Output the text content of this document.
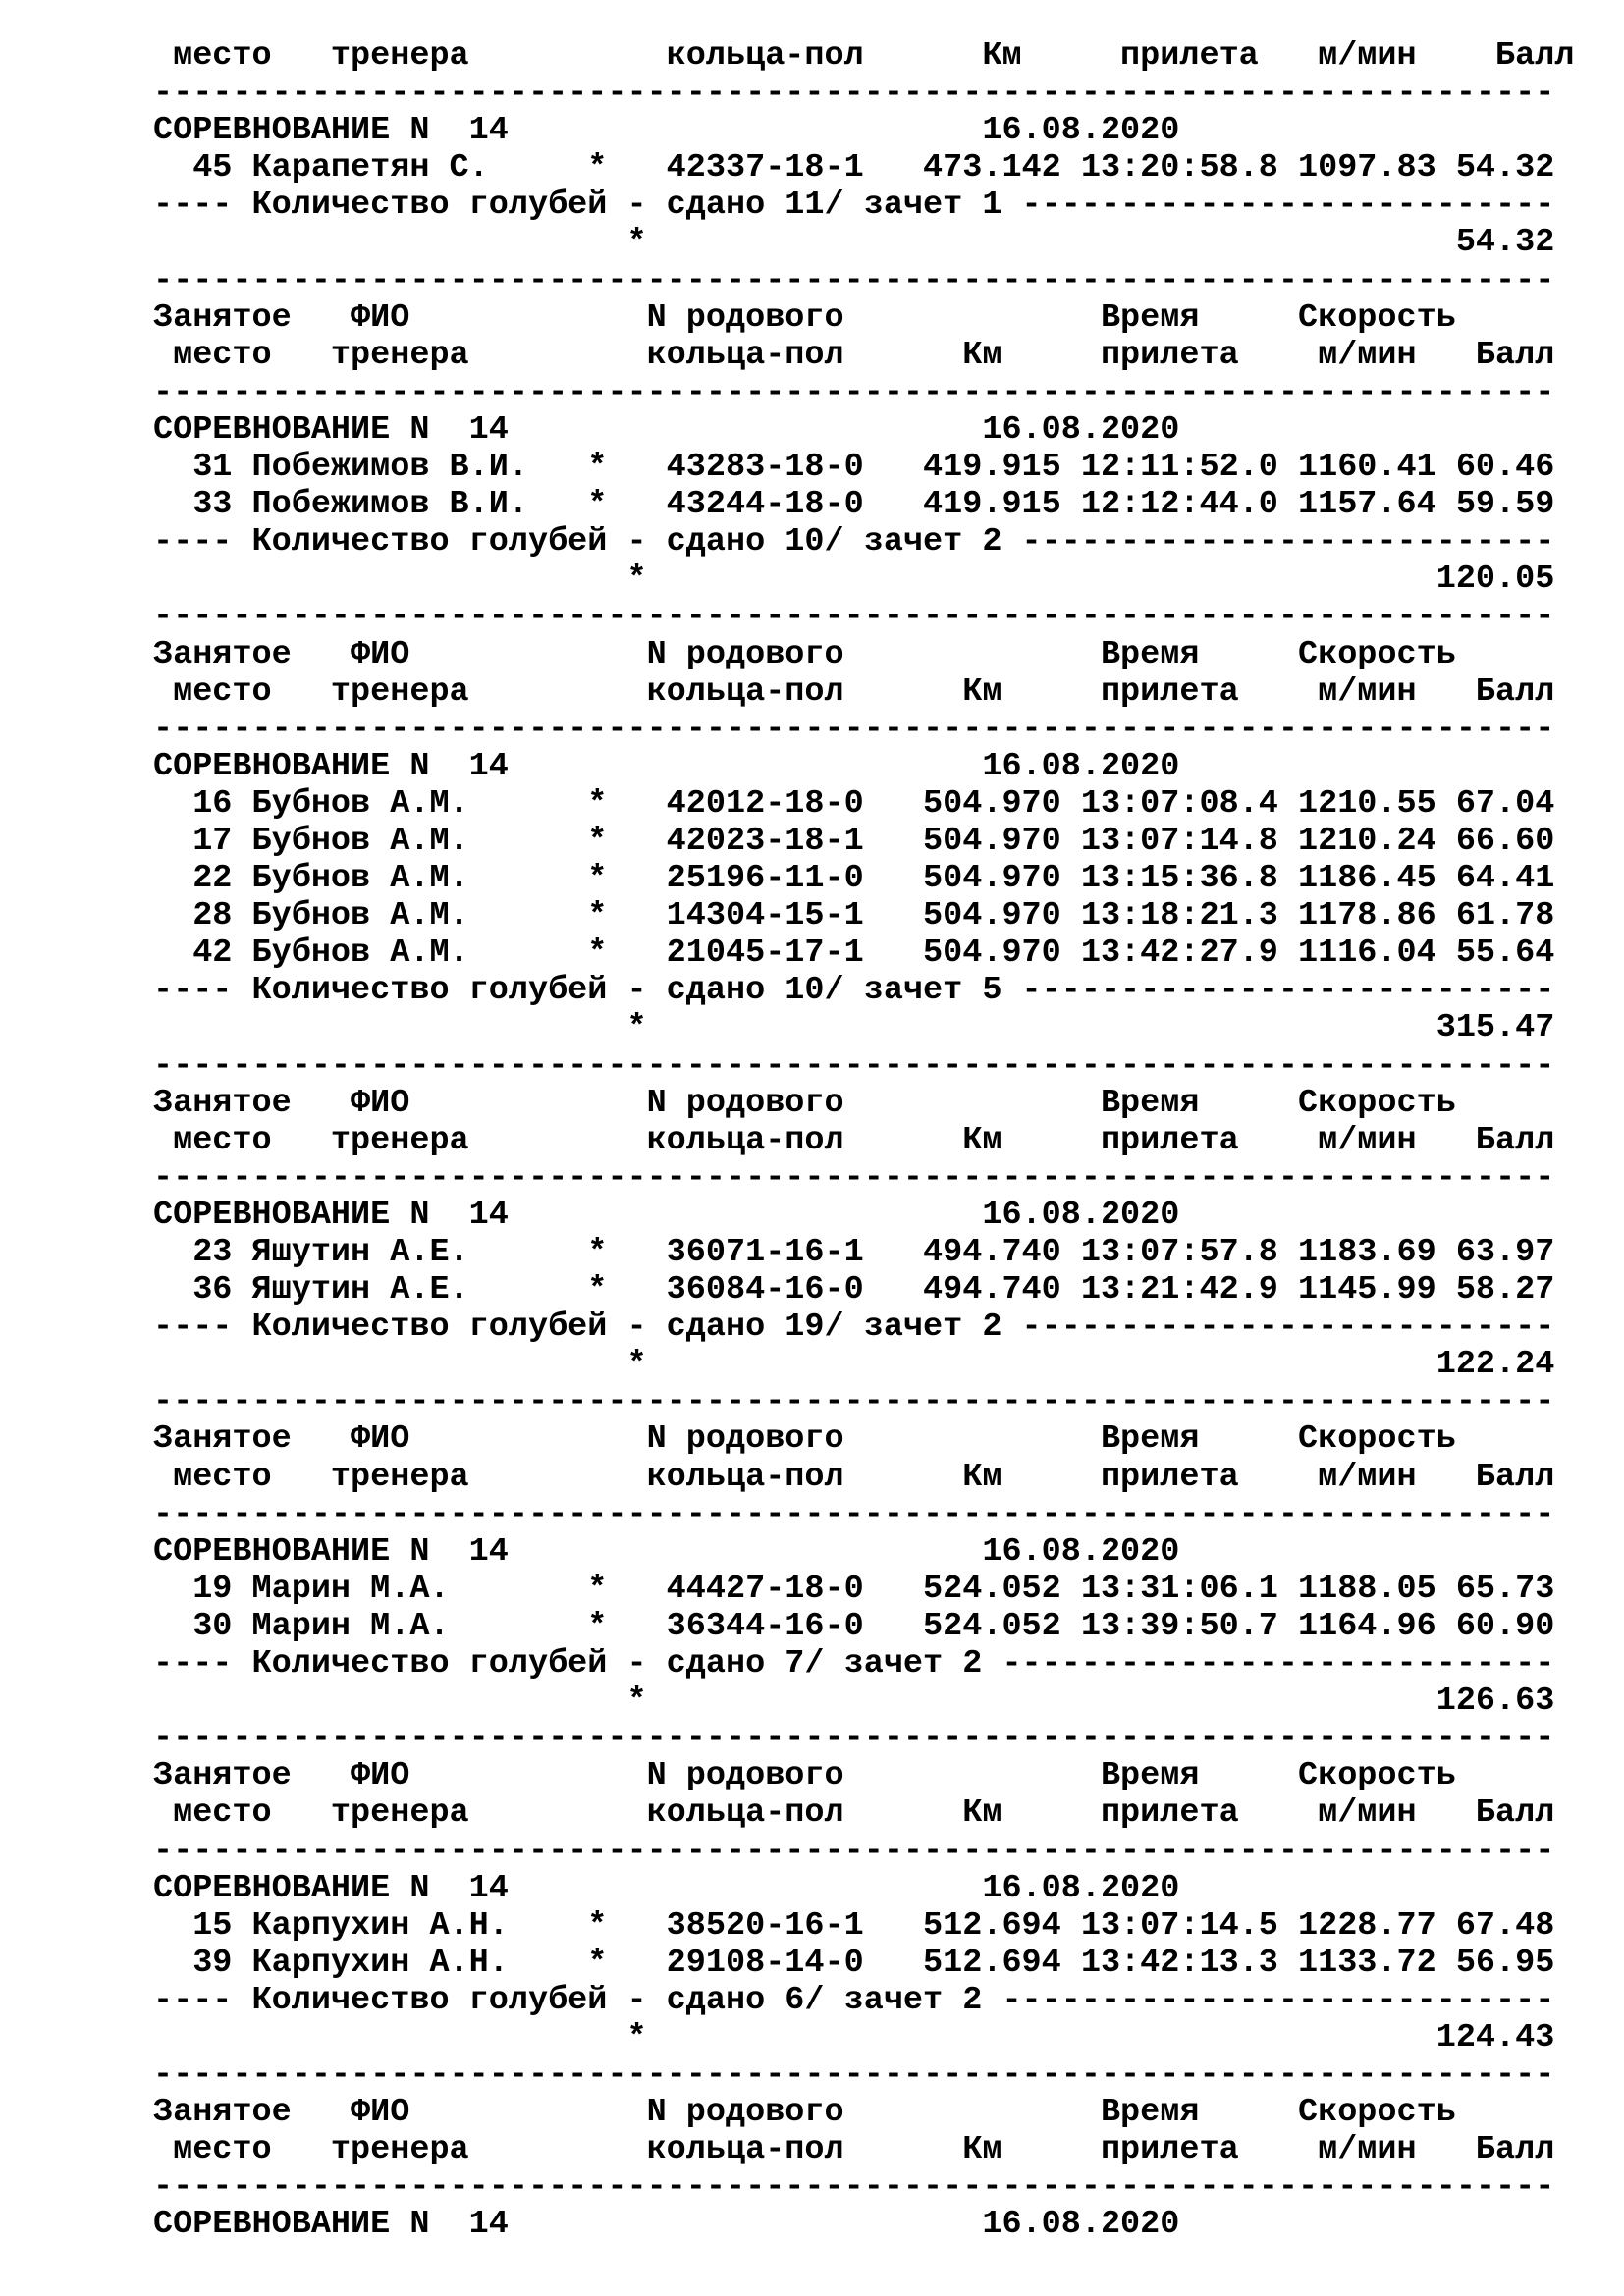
место   тренера          кольца-пол      Км     прилета   м/мин    Балл
-----------------------------------------------------------------------
СОРЕВНОВАНИЕ N  14                        16.08.2020
45 Карапетян С.     *   42337-18-1   473.142 13:20:58.8 1097.83 54.32
---- Количество голубей - сдано 11/ зачет 1 ---------------------------
*                                         54.32
-----------------------------------------------------------------------
Занятое   ФИО            N родового             Время     Скорость
место   тренера         кольца-пол      Км     прилета    м/мин   Балл
-----------------------------------------------------------------------
СОРЕВНОВАНИЕ N  14                        16.08.2020
31 Побежимов В.И.   *   43283-18-0   419.915 12:11:52.0 1160.41 60.46
33 Побежимов В.И.   *   43244-18-0   419.915 12:12:44.0 1157.64 59.59
---- Количество голубей - сдано 10/ зачет 2 ---------------------------
*                                        120.05
-----------------------------------------------------------------------
Занятое   ФИО            N родового             Время     Скорость
место   тренера         кольца-пол      Км     прилета    м/мин   Балл
-----------------------------------------------------------------------
СОРЕВНОВАНИЕ N  14                        16.08.2020
16 Бубнов А.М.      *   42012-18-0   504.970 13:07:08.4 1210.55 67.04
17 Бубнов А.М.      *   42023-18-1   504.970 13:07:14.8 1210.24 66.60
22 Бубнов А.М.      *   25196-11-0   504.970 13:15:36.8 1186.45 64.41
28 Бубнов А.М.      *   14304-15-1   504.970 13:18:21.3 1178.86 61.78
42 Бубнов А.М.      *   21045-17-1   504.970 13:42:27.9 1116.04 55.64
---- Количество голубей - сдано 10/ зачет 5 ---------------------------
*                                        315.47
-----------------------------------------------------------------------
Занятое   ФИО            N родового             Время     Скорость
место   тренера         кольца-пол      Км     прилета    м/мин   Балл
-----------------------------------------------------------------------
СОРЕВНОВАНИЕ N  14                        16.08.2020
23 Яшутин А.Е.      *   36071-16-1   494.740 13:07:57.8 1183.69 63.97
36 Яшутин А.Е.      *   36084-16-0   494.740 13:21:42.9 1145.99 58.27
---- Количество голубей - сдано 19/ зачет 2 ---------------------------
*                                        122.24
-----------------------------------------------------------------------
Занятое   ФИО            N родового             Время     Скорость
место   тренера         кольца-пол      Км     прилета    м/мин   Балл
-----------------------------------------------------------------------
СОРЕВНОВАНИЕ N  14                        16.08.2020
19 Марин М.А.       *   44427-18-0   524.052 13:31:06.1 1188.05 65.73
30 Марин М.А.       *   36344-16-0   524.052 13:39:50.7 1164.96 60.90
---- Количество голубей - сдано 7/ зачет 2 ----------------------------
*                                        126.63
-----------------------------------------------------------------------
Занятое   ФИО            N родового             Время     Скорость
место   тренера         кольца-пол      Км     прилета    м/мин   Балл
-----------------------------------------------------------------------
СОРЕВНОВАНИЕ N  14                        16.08.2020
15 Карпухин А.Н.    *   38520-16-1   512.694 13:07:14.5 1228.77 67.48
39 Карпухин А.Н.    *   29108-14-0   512.694 13:42:13.3 1133.72 56.95
---- Количество голубей - сдано 6/ зачет 2 ----------------------------
*                                        124.43
-----------------------------------------------------------------------
Занятое   ФИО            N родового             Время     Скорость
место   тренера         кольца-пол      Км     прилета    м/мин   Балл
-----------------------------------------------------------------------
СОРЕВНОВАНИЕ N  14                        16.08.2020
